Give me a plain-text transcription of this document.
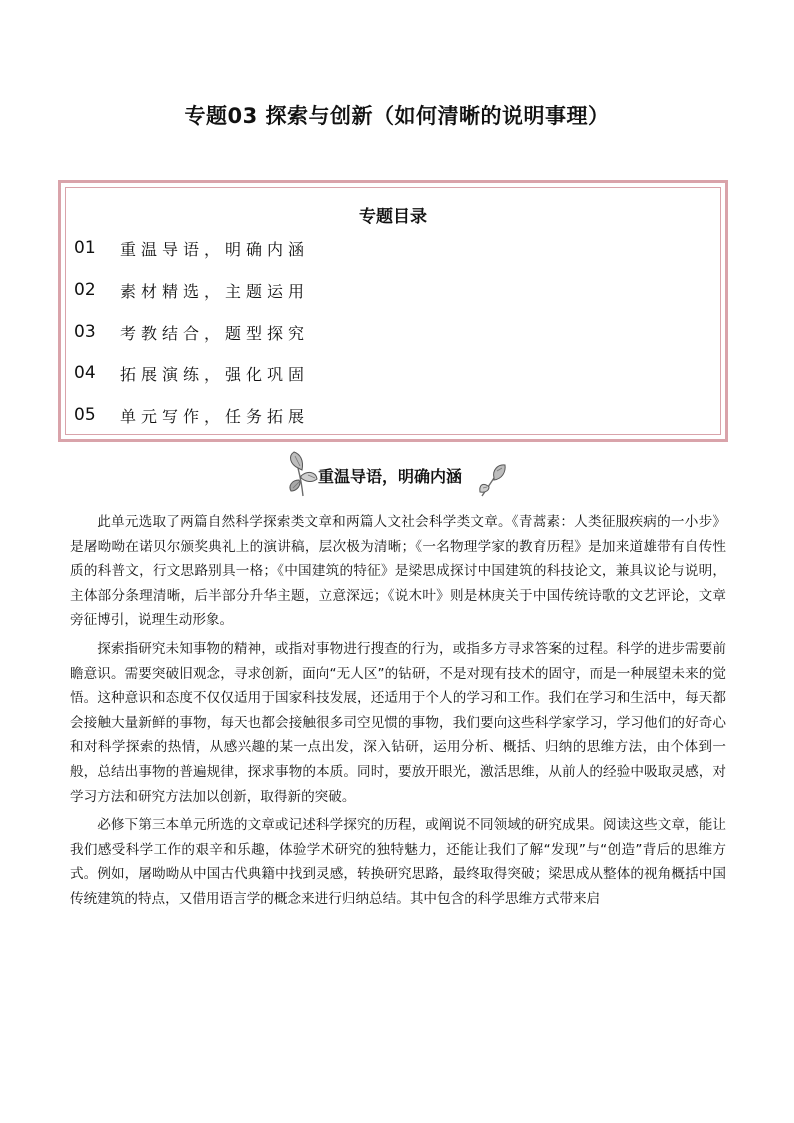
专题03 探索与创新（如何清晰的说明事理）
专题目录
01	重温导语，明确内涵
02	素材精选，主题运用
03	考教结合，题型探究
04	拓展演练，强化巩固
05	单元写作，任务拓展
重温导语，明确内涵

此单元选取了两篇自然科学探索类文章和两篇人文社会科学类文章。《青蒿素：人类征服疾病的一小步》是屠呦呦在诺贝尔颁奖典礼上的演讲稿，层次极为清晰；《一名物理学家的教育历程》是加来道雄带有自传性质的科普文，行文思路别具一格；《中国建筑的特征》是梁思成探讨中国建筑的科技论文，兼具议论与说明，主体部分条理清晰，后半部分升华主题，立意深远；《说木叶》则是林庚关于中国传统诗歌的文艺评论，文章旁征博引，说理生动形象。

探索指研究未知事物的精神，或指对事物进行搜查的行为，或指多方寻求答案的过程。科学的进步需要前瞻意识。需要突破旧观念，寻求创新，面向“无人区”的钻研，不是对现有技术的固守，而是一种展望未来的觉悟。这种意识和态度不仅仅适用于国家科技发展，还适用于个人的学习和工作。我们在学习和生活中，每天都会接触大量新鲜的事物，每天也都会接触很多司空见惯的事物，我们要向这些科学家学习，学习他们的好奇心和对科学探索的热情，从感兴趣的某一点出发，深入钻研，运用分析、概括、归纳的思维方法，由个体到一般，总结出事物的普遍规律，探求事物的本质。同时，要放开眼光，激活思维，从前人的经验中吸取灵感，对学习方法和研究方法加以创新，取得新的突破。

必修下第三本单元所选的文章或记述科学探究的历程，或阐说不同领域的研究成果。阅读这些文章，能让我们感受科学工作的艰辛和乐趣，体验学术研究的独特魅力，还能让我们了解“发现”与“创造”背后的思维方式。例如，屠呦呦从中国古代典籍中找到灵感，转换研究思路，最终取得突破；梁思成从整体的视角概括中国传统建筑的特点，又借用语言学的概念来进行归纳总结。其中包含的科学思维方式带来启
